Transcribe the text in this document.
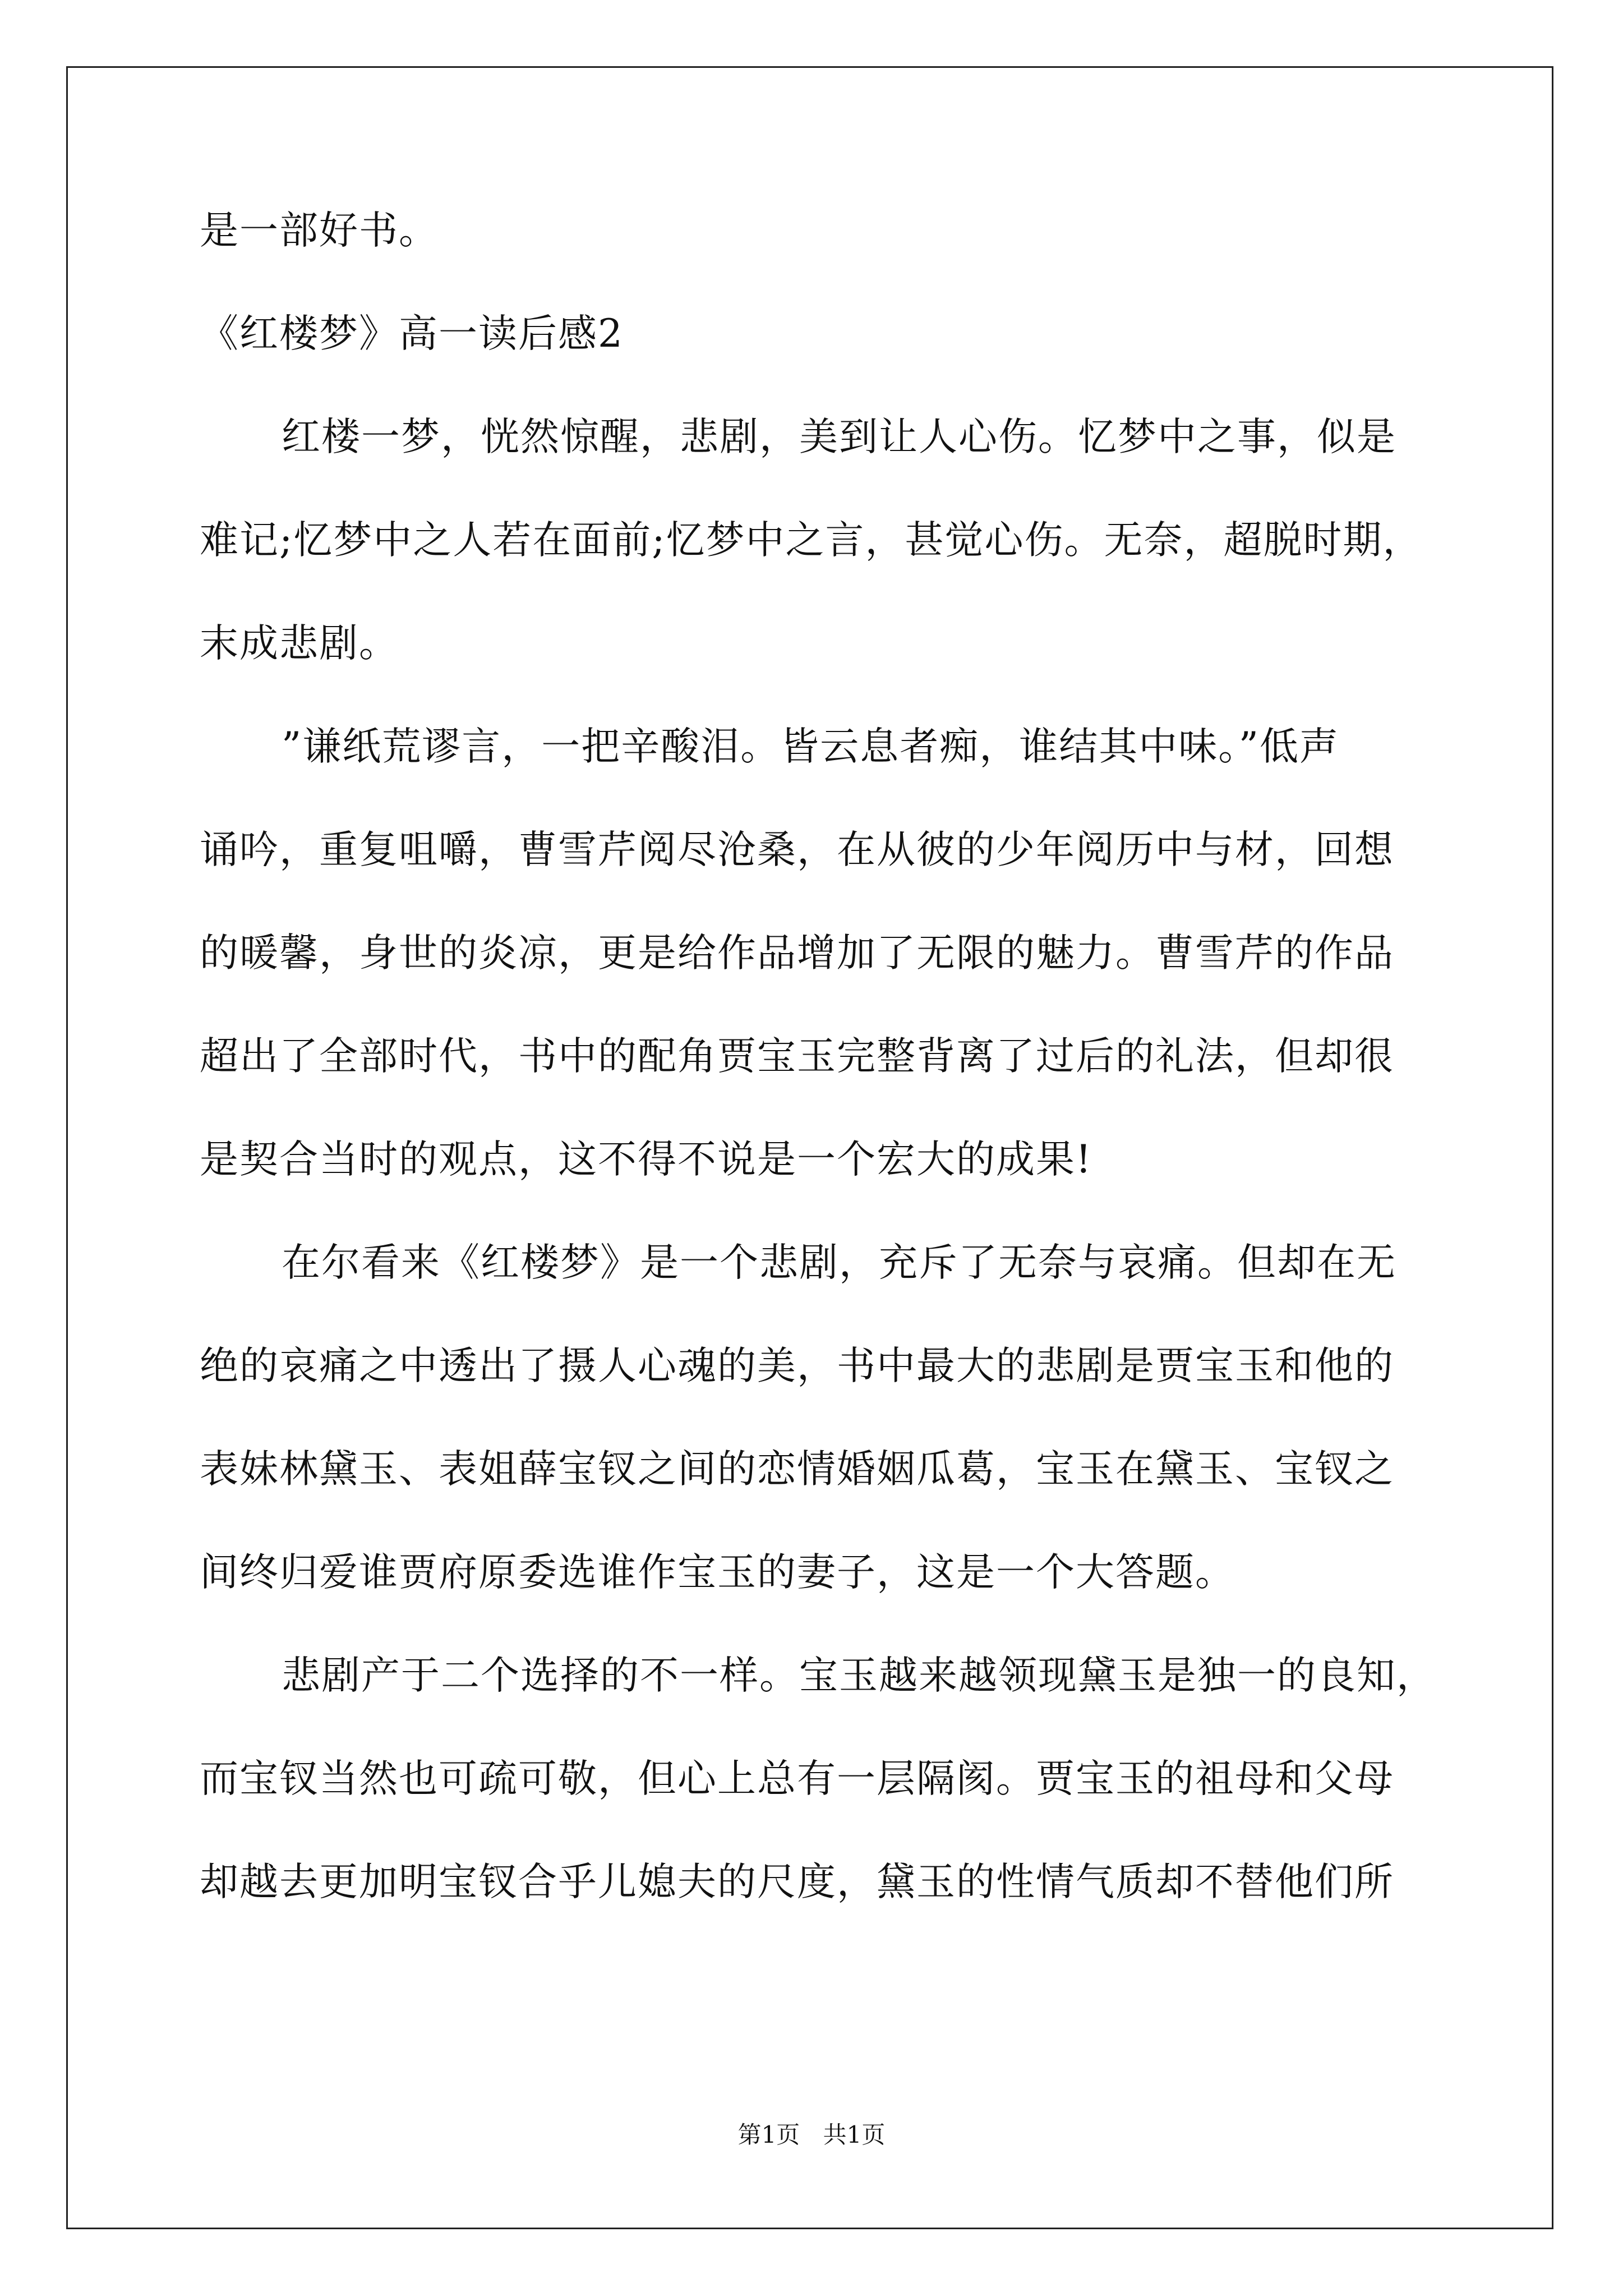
是一部好书。
《红楼梦》高一读后感2
红楼一梦，恍然惊醒，悲剧，美到让人心伤。忆梦中之事，似是
难记;忆梦中之人若在面前;忆梦中之言，甚觉心伤。无奈，超脱时期，
末成悲剧。
”谦纸荒谬言，一把辛酸泪。皆云息者痴，谁结其中味。”低声
诵吟，重复咀嚼，曹雪芹阅尽沧桑，在从彼的少年阅历中与材，回想
的暖馨，身世的炎凉，更是给作品增加了无限的魅力。曹雪芹的作品
超出了全部时代，书中的配角贾宝玉完整背离了过后的礼法，但却很
是契合当时的观点，这不得不说是一个宏大的成果!
在尔看来《红楼梦》是一个悲剧，充斥了无奈与哀痛。但却在无
绝的哀痛之中透出了摄人心魂的美，书中最大的悲剧是贾宝玉和他的
表妹林黛玉、表姐薛宝钗之间的恋情婚姻瓜葛，宝玉在黛玉、宝钗之
间终归爱谁贾府原委选谁作宝玉的妻子，这是一个大答题。
悲剧产于二个选择的不一样。宝玉越来越领现黛玉是独一的良知，
而宝钗当然也可疏可敬，但心上总有一层隔阂。贾宝玉的祖母和父母
却越去更加明宝钗合乎儿媳夫的尺度，黛玉的性情气质却不替他们所
第1页 共1页
